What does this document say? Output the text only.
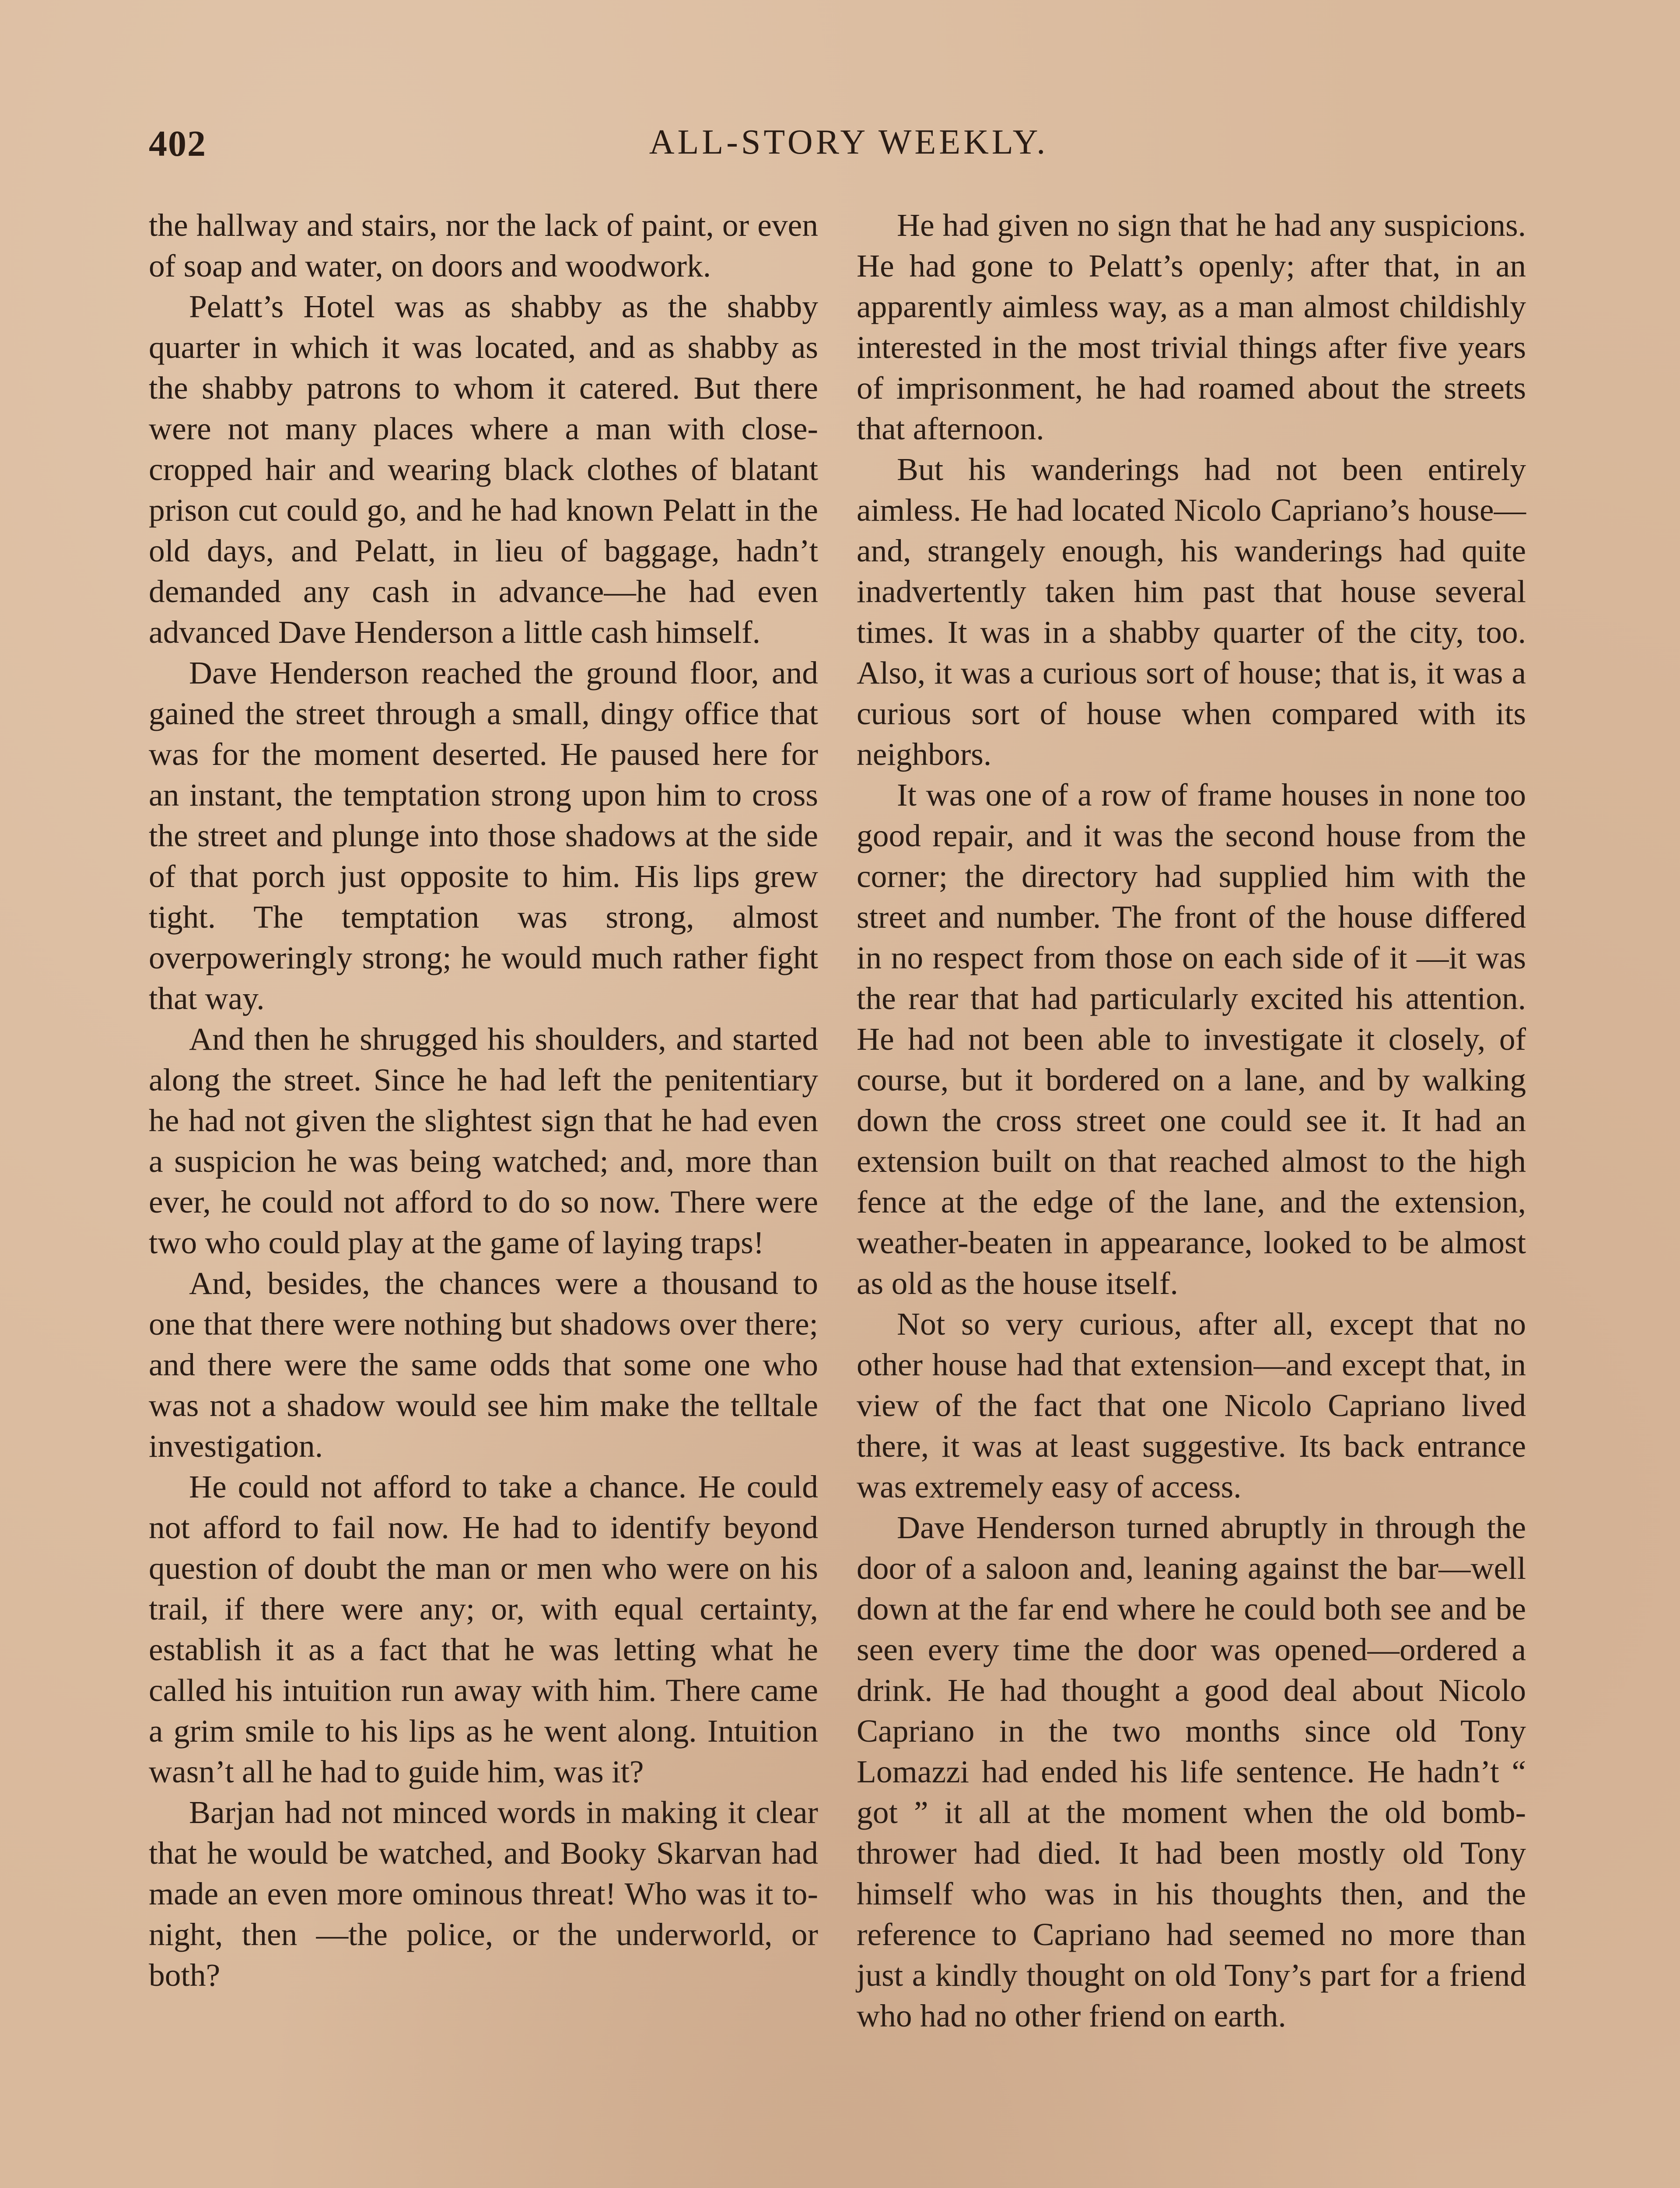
402	ALL-STORY WEEKLY.

the hallway and stairs, nor the lack of paint, or even of soap and water, on doors and woodwork.

Pelatt’s Hotel was as shabby as the shabby quarter in which it was located, and as shabby as the shabby patrons to whom it catered. But there were not many places where a man with close-cropped hair and wearing black clothes of blatant prison cut could go, and he had known Pelatt in the old days, and Pelatt, in lieu of baggage, hadn’t demanded any cash in advance—he had even advanced Dave Henderson a little cash himself.

Dave Henderson reached the ground floor, and gained the street through a small, dingy office that was for the moment deserted. He paused here for an instant, the temptation strong upon him to cross the street and plunge into those shadows at the side of that porch just opposite to him. His lips grew tight. The temptation was strong, almost overpoweringly strong; he would much rather fight that way.

And then he shrugged his shoulders, and started along the street. Since he had left the penitentiary he had not given the slightest sign that he had even a suspicion he was being watched; and, more than ever, he could not afford to do so now. There were two who could play at the game of laying traps!

And, besides, the chances were a thousand to one that there were nothing but shadows over there; and there were the same odds that some one who was not a shadow would see him make the telltale investigation.

He could not afford to take a chance. He could not afford to fail now. He had to identify beyond question of doubt the man or men who were on his trail, if there were any; or, with equal certainty, establish it as a fact that he was letting what he called his intuition run away with him. There came a grim smile to his lips as he went along. Intuition wasn’t all he had to guide him, was it?

Barjan had not minced words in making it clear that he would be watched, and Booky Skarvan had made an even more ominous threat! Who was it to-night, then —the police, or the underworld, or both?

He had given no sign that he had any suspicions. He had gone to Pelatt’s openly; after that, in an apparently aimless way, as a man almost childishly interested in the most trivial things after five years of imprisonment, he had roamed about the streets that afternoon.

But his wanderings had not been entirely aimless. He had located Nicolo Capriano’s house—and, strangely enough, his wanderings had quite inadvertently taken him past that house several times. It was in a shabby quarter of the city, too. Also, it was a curious sort of house; that is, it was a curious sort of house when compared with its neighbors.

It was one of a row of frame houses in none too good repair, and it was the second house from the corner; the directory had supplied him with the street and number. The front of the house differed in no respect from those on each side of it —it was the rear that had particularly excited his attention. He had not been able to investigate it closely, of course, but it bordered on a lane, and by walking down the cross street one could see it. It had an extension built on that reached almost to the high fence at the edge of the lane, and the extension, weather-beaten in appearance, looked to be almost as old as the house itself.

Not so very curious, after all, except that no other house had that extension—and except that, in view of the fact that one Nicolo Capriano lived there, it was at least suggestive. Its back entrance was extremely easy of access.

Dave Henderson turned abruptly in through the door of a saloon and, leaning against the bar—well down at the far end where he could both see and be seen every time the door was opened—ordered a drink. He had thought a good deal about Nicolo Capriano in the two months since old Tony Lomazzi had ended his life sentence. He hadn’t “ got ” it all at the moment when the old bomb-thrower had died. It had been mostly old Tony himself who was in his thoughts then, and the reference to Capriano had seemed no more than just a kindly thought on old Tony’s part for a friend who had no other friend on earth.
